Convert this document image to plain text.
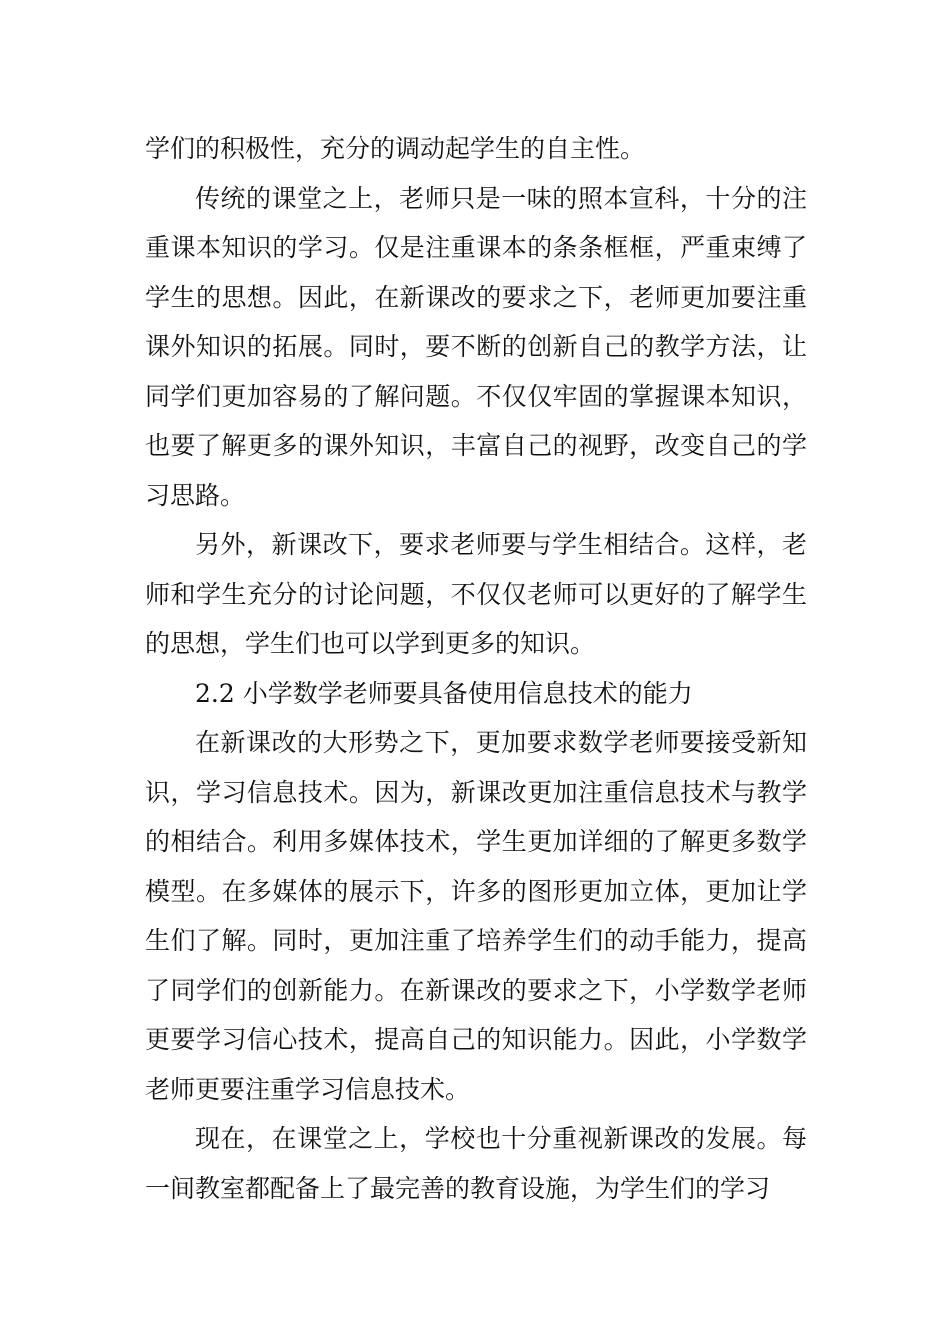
学们的积极性，充分的调动起学生的自主性。

传统的课堂之上，老师只是一味的照本宣科，十分的注重课本知识的学习。仅是注重课本的条条框框，严重束缚了学生的思想。因此，在新课改的要求之下，老师更加要注重课外知识的拓展。同时，要不断的创新自己的教学方法，让同学们更加容易的了解问题。不仅仅牢固的掌握课本知识，也要了解更多的课外知识，丰富自己的视野，改变自己的学习思路。

另外，新课改下，要求老师要与学生相结合。这样，老师和学生充分的讨论问题，不仅仅老师可以更好的了解学生的思想，学生们也可以学到更多的知识。

2.2 小学数学老师要具备使用信息技术的能力

在新课改的大形势之下，更加要求数学老师要接受新知识，学习信息技术。因为，新课改更加注重信息技术与教学的相结合。利用多媒体技术，学生更加详细的了解更多数学模型。在多媒体的展示下，许多的图形更加立体，更加让学生们了解。同时，更加注重了培养学生们的动手能力，提高了同学们的创新能力。在新课改的要求之下，小学数学老师更要学习信心技术，提高自己的知识能力。因此，小学数学老师更要注重学习信息技术。

现在，在课堂之上，学校也十分重视新课改的发展。每一间教室都配备上了最完善的教育设施，为学生们的学习
